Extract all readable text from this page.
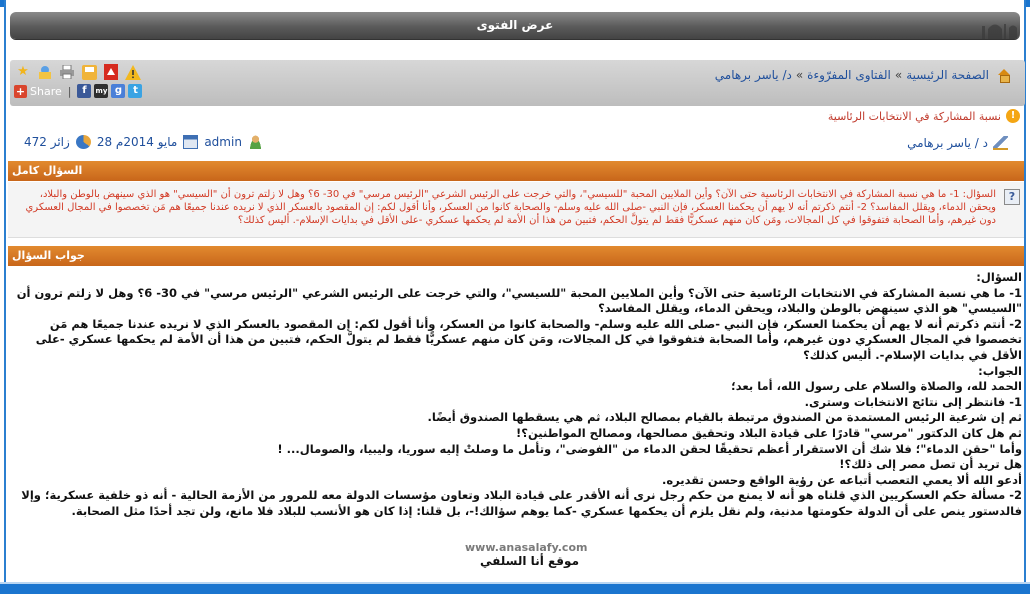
عرض الفتوى
الصفحة الرئيسية
»
الفتاوى المفرّوءة
»
د/ ياسر برهامي
★
+ Share |	f	my g	t
!
نسبة المشاركة في الانتخابات الرئاسية
د / ياسر برهامي
472 زائر 28 مايو 2014م admin
السؤال كامل
?
السؤال: 1- ما هي نسبة المشاركة في الانتخابات الرئاسية حتى الآن؟ وأين الملايين المحبة "للسيسي"، والتي خرجت على الرئيس الشرعي "الرئيس مرسي" في 30- 6؟ وهل لا زلتم ترون أن "السيسي" هو الذي سينهض بالوطن والبلاد، ويحقن الدماء، ويقلل المفاسد؟ 2- أنتم ذكرتم أنه لا يهم أن يحكمنا العسكر، فإن النبي -صلى الله عليه وسلم- والصحابة كانوا من العسكر، وأنا أقول لكم: إن المقصود بالعسكر الذي لا نريده عندنا جميعًا هم مَن تخصصوا في المجال العسكري دون غيرهم، وأما الصحابة فتفوقوا في كل المجالات، ومَن كان منهم عسكريًّا فقط لم يتولَّ الحكم، فتبين من هذا أن الأمة لم يحكمها عسكري -على الأقل في بدايات الإسلام-. أليس كذلك؟
جواب السؤال

السؤال:

1- ما هي نسبة المشاركة في الانتخابات الرئاسية حتى الآن؟ وأين الملايين المحبة "للسيسي"، والتي خرجت على الرئيس الشرعي "الرئيس مرسي" في 30- 6؟ وهل لا زلتم ترون أن "السيسي" هو الذي سينهض بالوطن والبلاد، ويحقن الدماء، ويقلل المفاسد؟

2- أنتم ذكرتم أنه لا يهم أن يحكمنا العسكر، فإن النبي -صلى الله عليه وسلم- والصحابة كانوا من العسكر، وأنا أقول لكم: إن المقصود بالعسكر الذي لا نريده عندنا جميعًا هم مَن تخصصوا في المجال العسكري دون غيرهم، وأما الصحابة فتفوقوا في كل المجالات، ومَن كان منهم عسكريًّا فقط لم يتولَّ الحكم، فتبين من هذا أن الأمة لم يحكمها عسكري -على الأقل في بدايات الإسلام-. أليس كذلك؟

الجواب:

الحمد لله، والصلاة والسلام على رسول الله، أما بعد؛

1- فانتظر إلى نتائج الانتخابات وسترى.

ثم إن شرعية الرئيس المستمدة من الصندوق مرتبطة بالقيام بمصالح البلاد، ثم هي يسقطها الصندوق أيضًا.

ثم هل كان الدكتور "مرسي" قادرًا على قيادة البلاد وتحقيق مصالحها، ومصالح المواطنين؟!

وأما "حقن الدماء"؛ فلا شك أن الاستقرار أعظم تحقيقًا لحقن الدماء من "الفوضى"، وتأمل ما وصلتْ إليه سوريا، وليبيا، والصومال... !

هل تريد أن تصل مصر إلى ذلك؟!

أدعو الله ألا يعمي التعصب أتباعه عن رؤية الواقع وحسن تقديره.

2- مسألة حكم العسكريين الذي قلناه هو أنه لا يمنع من حكم رجل نرى أنه الأقدر على قيادة البلاد وتعاون مؤسسات الدولة معه للمرور من الأزمة الحالية - أنه ذو خلفية عسكرية؛ وإلا فالدستور ينص على أن الدولة حكومتها مدنية، ولم نقل يلزم أن يحكمها عسكري -كما يوهم سؤالك!-، بل قلنا: إذا كان هو الأنسب للبلاد فلا مانع، ولن تجد أحدًا مثل الصحابة.

www.anasalafy.com
موقع أنا السلفي
